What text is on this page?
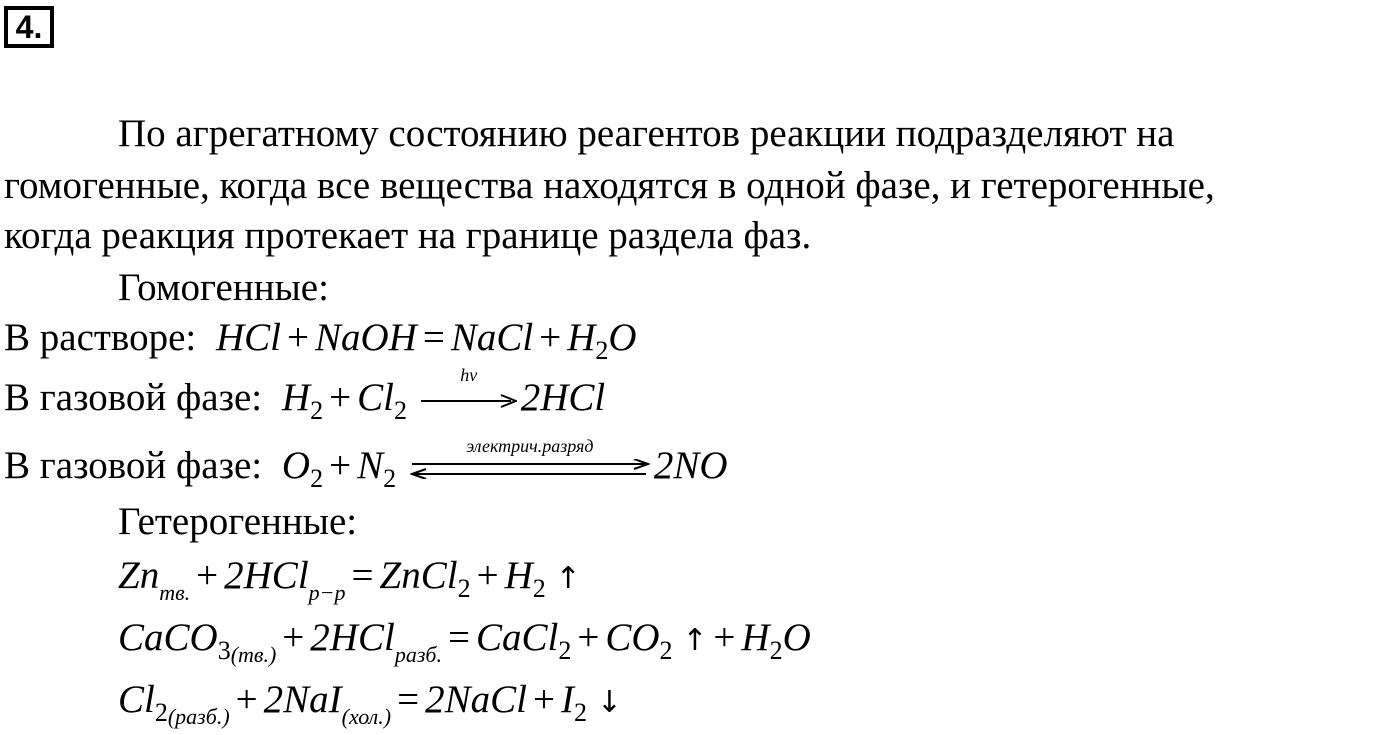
4.
По агрегатному состоянию реагентов реакции подразделяют на
гомогенные, когда все вещества находятся в одной фазе, и гетерогенные,
когда реакция протекает на границе раздела фаз.
Гомогенные:
В растворе: HCl + NaOH = NaCl + $H_2O$
В газовой фазе: $H_2 + Cl_2$
hv
2HCl
В газовой фазе: $O_2 + N_2$
электрич.разряд	2NO
Гетерогенные:
$Zn_{тв.} + 2HCl_{р-р}$ = ZnCl$_2$ + $H_2$ ↑
CaCO$_{3(тв.)}$ + 2HCl$_{разб.}$ = CaCl$_2$ + $CO_2$ ↑ + $H_2O$
$Cl_{2(разб.)} + 2NaI_{(хол.)}$ = 2NaCl + $I_2$ ↓
